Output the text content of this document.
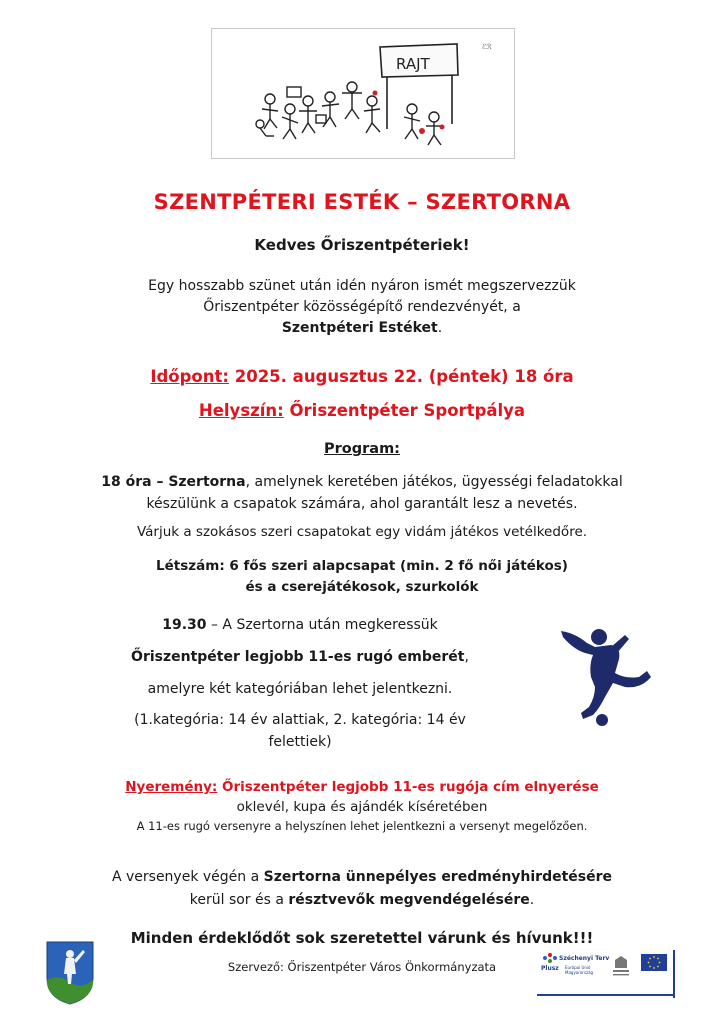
RAJT
ℰℛ
SZENTPÉTERI ESTÉK – SZERTORNA
Kedves Őriszentpéteriek!
Egy hosszabb szünet után idén nyáron ismét megszervezzük
Őriszentpéter közösségépítő rendezvényét, a
Szentpéteri Estéket.
Időpont: 2025. augusztus 22. (péntek) 18 óra
Helyszín: Őriszentpéter Sportpálya
Program:
18 óra – Szertorna, amelynek keretében játékos, ügyességi feladatokkal
készülünk a csapatok számára, ahol garantált lesz a nevetés.
Várjuk a szokásos szeri csapatokat egy vidám játékos vetélkedőre.
Létszám: 6 fős szeri alapcsapat (min. 2 fő női játékos)
és a cserejátékosok, szurkolók
19.30 – A Szertorna után megkeressük
Őriszentpéter legjobb 11-es rugó emberét,
amelyre két kategóriában lehet jelentkezni.
(1.kategória: 14 év alattiak, 2. kategória: 14 év
felettiek)
Nyeremény: Őriszentpéter legjobb 11-es rugója cím elnyerése
oklevél, kupa és ajándék kíséretében
A 11-es rugó versenyre a helyszínen lehet jelentkezni a versenyt megelőzően.
A versenyek végén a Szertorna ünnepélyes eredményhirdetésére
kerül sor és a résztvevők megvendégelésére.
Minden érdeklődőt sok szeretettel várunk és hívunk!!!
Szervező: Őriszentpéter Város Önkormányzata
Széchenyi Terv
Plusz Európai Unió
Magyarország
